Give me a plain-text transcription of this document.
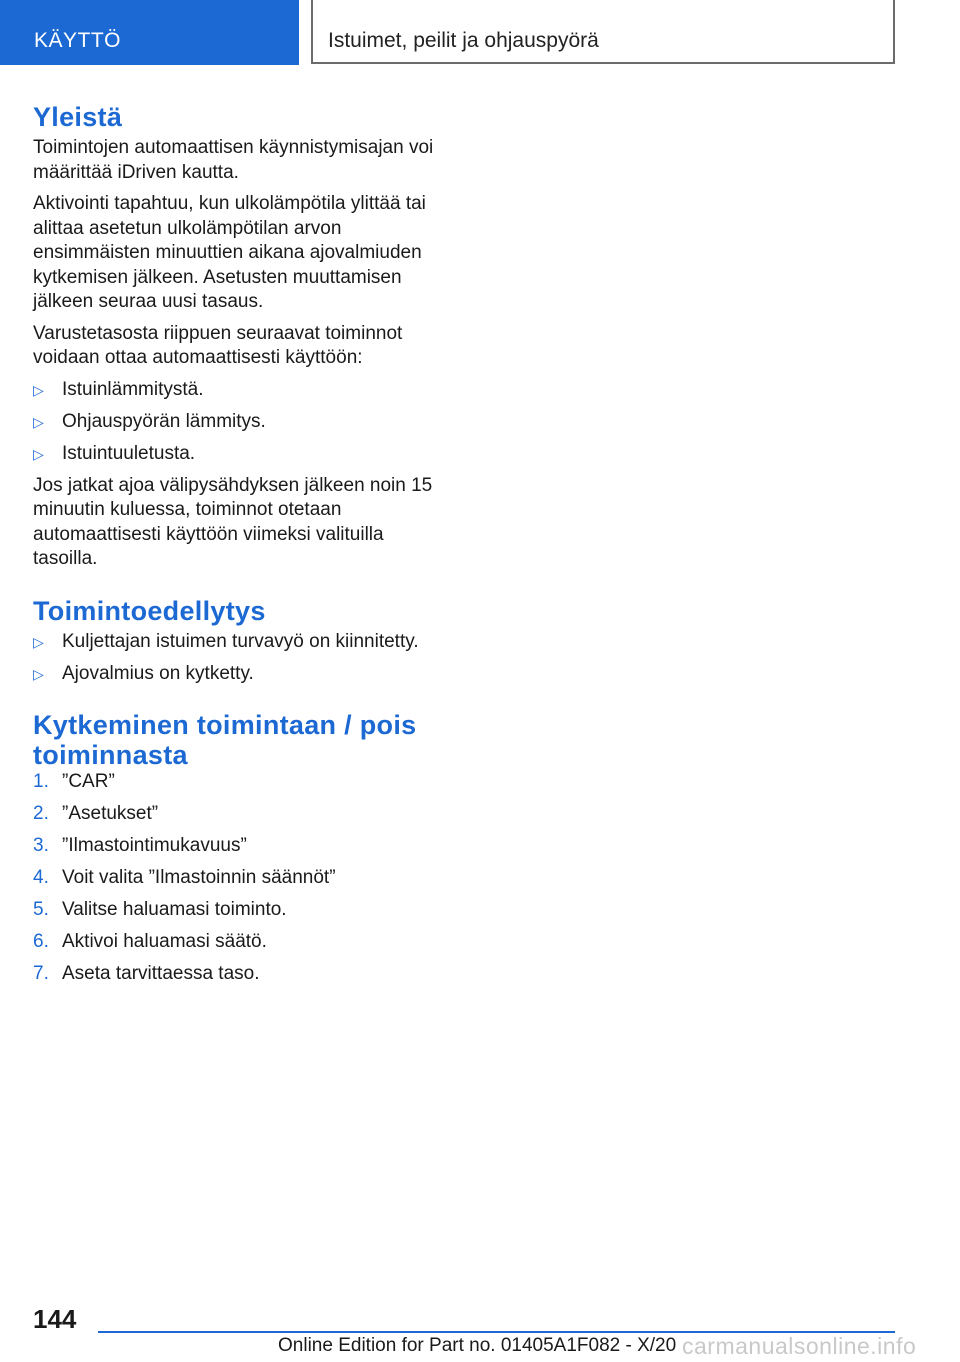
KÄYTTÖ	Istuimet, peilit ja ohjauspyörä
Yleistä

Toimintojen automaattisen käynnistymisajan voi määrittää iDriven kautta.

Aktivointi tapahtuu, kun ulkolämpötila ylittää tai alittaa asetetun ulkolämpötilan arvon ensimmäisten minuuttien aikana ajovalmiuden kytkemisen jälkeen. Asetusten muuttamisen jälkeen seuraa uusi tasaus.

Varustetasosta riippuen seuraavat toiminnot voidaan ottaa automaattisesti käyttöön:

▷ Istuinlämmitystä.
▷ Ohjauspyörän lämmitys.
▷ Istuintuuletusta.

Jos jatkat ajoa välipysähdyksen jälkeen noin 15 minuutin kuluessa, toiminnot otetaan automaattisesti käyttöön viimeksi valituilla tasoilla.

Toimintoedellytys
▷ Kuljettajan istuimen turvavyö on kiinnitetty.
▷ Ajovalmius on kytketty.
Kytkeminen toimintaan / pois toiminnasta
1. ”CAR”
2. ”Asetukset”
3. ”Ilmastointimukavuus”
4. Voit valita ”Ilmastoinnin säännöt”
5. Valitse haluamasi toiminto.
6. Aktivoi haluamasi säätö.
7. Aseta tarvittaessa taso.
144
Online Edition for Part no. 01405A1F082 - X/20 carmanualsonline.info
